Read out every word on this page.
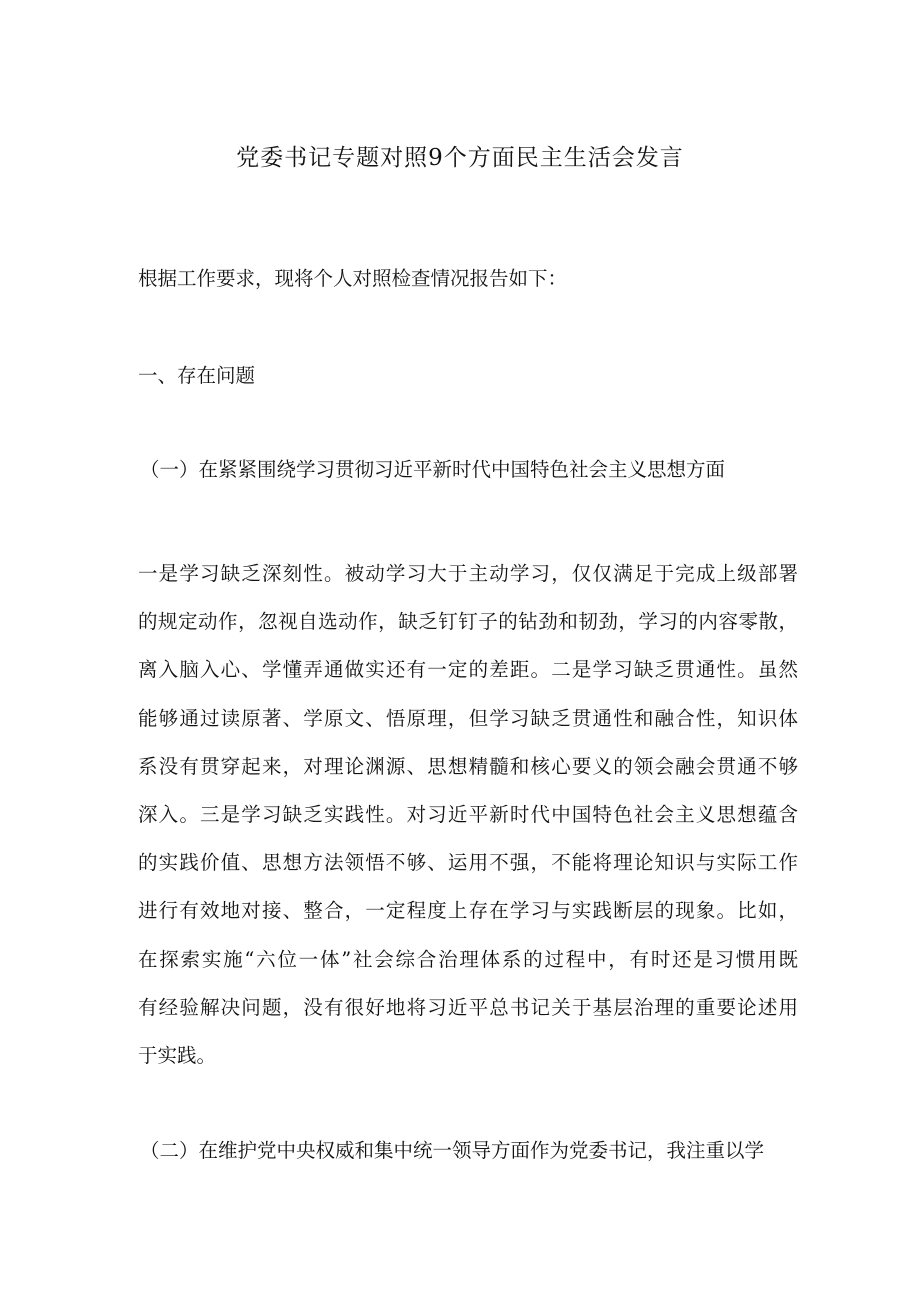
党委书记专题对照9个方面民主生活会发言

根据工作要求，现将个人对照检查情况报告如下：

一、存在问题

（一）在紧紧围绕学习贯彻习近平新时代中国特色社会主义思想方面

一是学习缺乏深刻性。被动学习大于主动学习，仅仅满足于完成上级部署
的规定动作，忽视自选动作，缺乏钉钉子的钻劲和韧劲，学习的内容零散，
离入脑入心、学懂弄通做实还有一定的差距。二是学习缺乏贯通性。虽然
能够通过读原著、学原文、悟原理，但学习缺乏贯通性和融合性，知识体
系没有贯穿起来，对理论渊源、思想精髓和核心要义的领会融会贯通不够
深入。三是学习缺乏实践性。对习近平新时代中国特色社会主义思想蕴含
的实践价值、思想方法领悟不够、运用不强，不能将理论知识与实际工作
进行有效地对接、整合，一定程度上存在学习与实践断层的现象。比如，
在探索实施“六位一体”社会综合治理体系的过程中，有时还是习惯用既
有经验解决问题，没有很好地将习近平总书记关于基层治理的重要论述用
于实践。

（二）在维护党中央权威和集中统一领导方面作为党委书记，我注重以学
